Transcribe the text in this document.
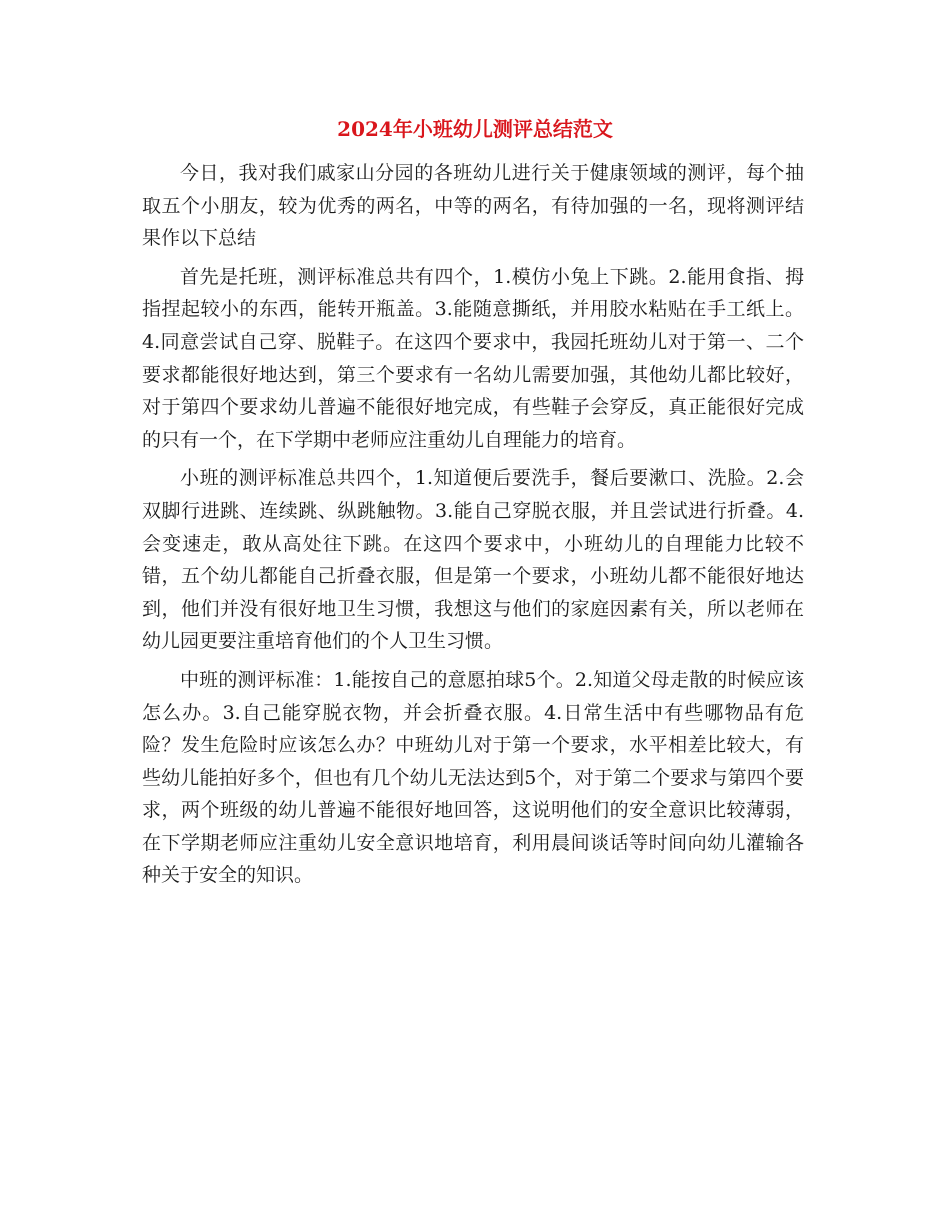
2024年小班幼儿测评总结范文

今日，我对我们戚家山分园的各班幼儿进行关于健康领域的测评，每个抽取五个小朋友，较为优秀的两名，中等的两名，有待加强的一名，现将测评结果作以下总结

首先是托班，测评标准总共有四个，1.模仿小兔上下跳。2.能用食指、拇指捏起较小的东西，能转开瓶盖。3.能随意撕纸，并用胶水粘贴在手工纸上。4.同意尝试自己穿、脱鞋子。在这四个要求中，我园托班幼儿对于第一、二个要求都能很好地达到，第三个要求有一名幼儿需要加强，其他幼儿都比较好，对于第四个要求幼儿普遍不能很好地完成，有些鞋子会穿反，真正能很好完成的只有一个，在下学期中老师应注重幼儿自理能力的培育。

小班的测评标准总共四个，1.知道便后要洗手，餐后要漱口、洗脸。2.会双脚行进跳、连续跳、纵跳触物。3.能自己穿脱衣服，并且尝试进行折叠。4.会变速走，敢从高处往下跳。在这四个要求中，小班幼儿的自理能力比较不错，五个幼儿都能自己折叠衣服，但是第一个要求，小班幼儿都不能很好地达到，他们并没有很好地卫生习惯，我想这与他们的家庭因素有关，所以老师在幼儿园更要注重培育他们的个人卫生习惯。

中班的测评标准：1.能按自己的意愿拍球5个。2.知道父母走散的时候应该怎么办。3.自己能穿脱衣物，并会折叠衣服。4.日常生活中有些哪物品有危险？发生危险时应该怎么办？中班幼儿对于第一个要求，水平相差比较大，有些幼儿能拍好多个，但也有几个幼儿无法达到5个，对于第二个要求与第四个要求，两个班级的幼儿普遍不能很好地回答，这说明他们的安全意识比较薄弱，在下学期老师应注重幼儿安全意识地培育，利用晨间谈话等时间向幼儿灌输各种关于安全的知识。
